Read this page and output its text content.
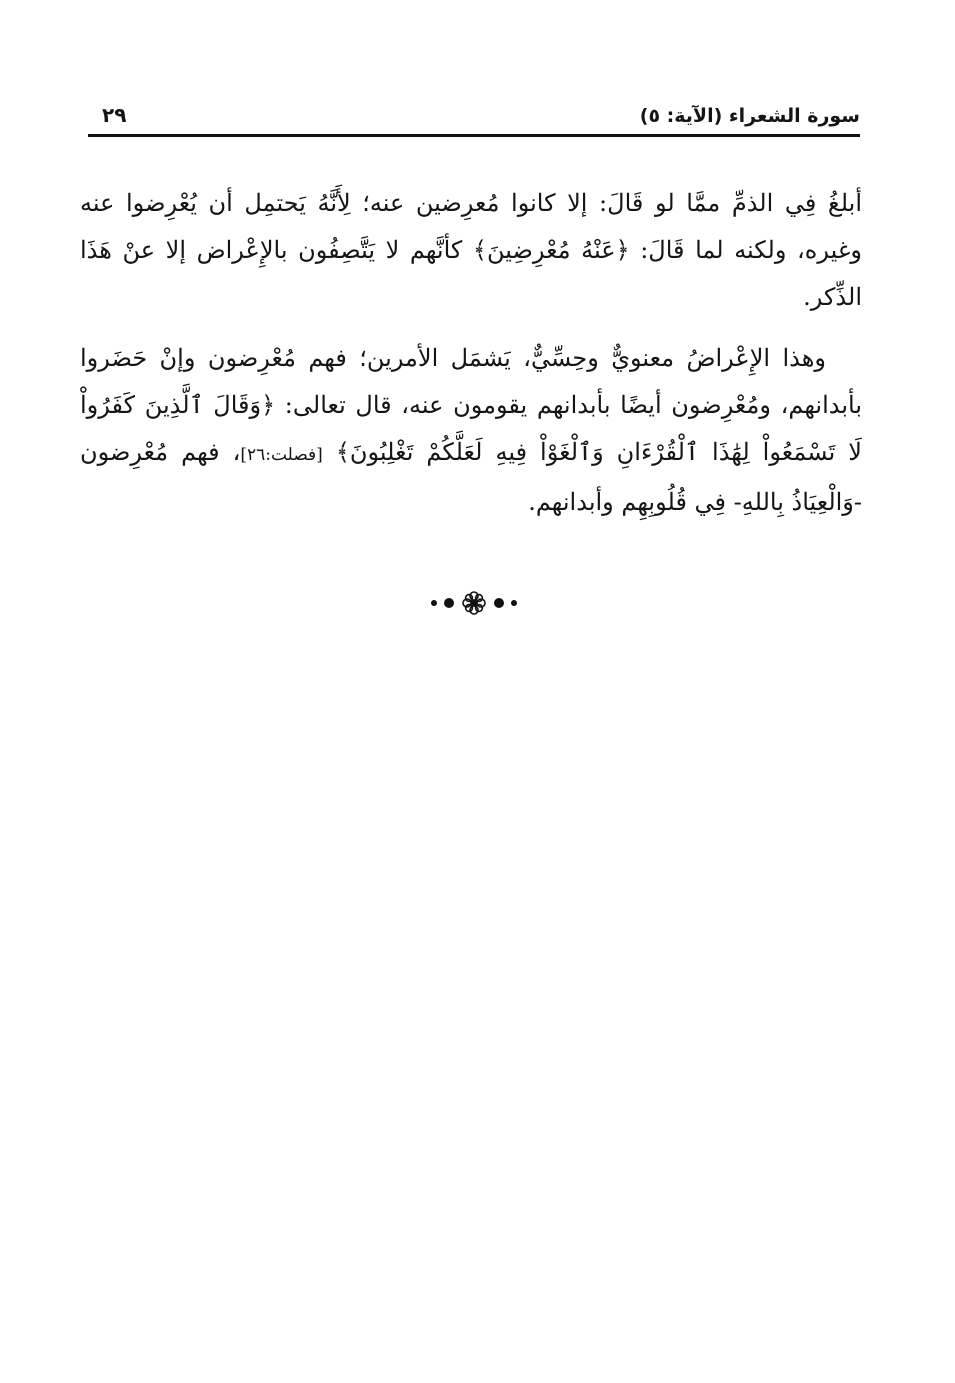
٢٩	سورة الشعراء (الآية: ٥)

أبلغُ فِي الذمِّ ممَّا لو قَالَ: إلا كانوا مُعرِضين عنه؛ لِأَنَّهُ يَحتمِل أن يُعْرِضوا عنه وغيره، ولكنه لما قَالَ: ﴿عَنْهُ مُعْرِضِينَ﴾ كأنَّهم لا يَتَّصِفُون بالإِعْراض إلا عنْ هَذَا الذِّكر.

وهذا الإِعْراضُ معنويٌّ وحِسِّيٌّ، يَشمَل الأمرين؛ فهم مُعْرِضون وإنْ حَضَروا بأبدانهم، ومُعْرِضون أيضًا بأبدانهم يقومون عنه، قال تعالى: ﴿وَقَالَ ٱلَّذِينَ كَفَرُواْ لَا تَسْمَعُواْ لِهَٰذَا ٱلْقُرْءَانِ وَٱلْغَوْاْ فِيهِ لَعَلَّكُمْ تَغْلِبُونَ﴾ [فصلت:٢٦]، فهم مُعْرِضون -وَالْعِيَاذُ بِاللهِ- فِي قُلُوبِهِم وأبدانهم.
